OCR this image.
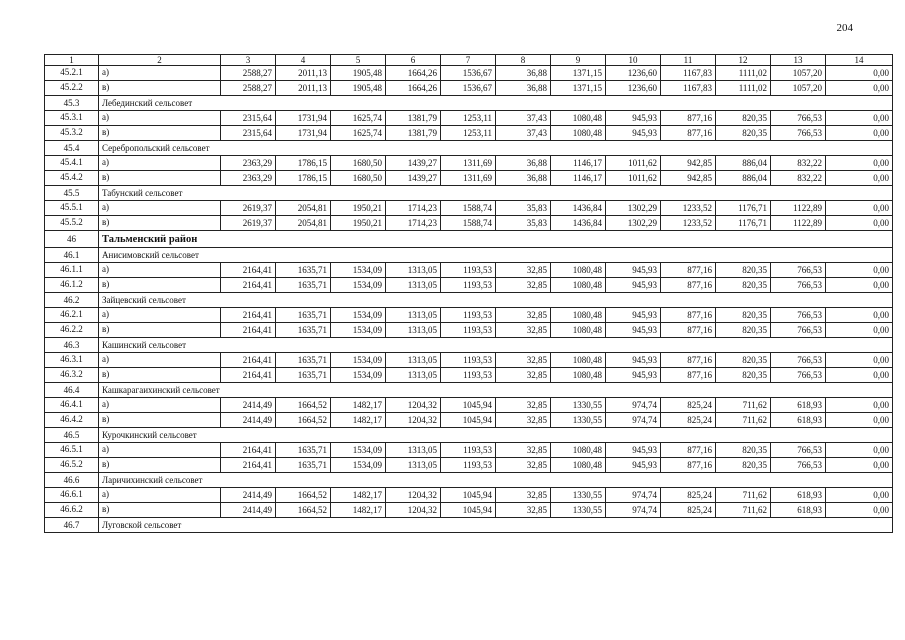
204
1	2	3	4	5	6	7	8	9	10	11	12	13	14
45.2.1	а)	2588,27	2011,13	1905,48	1664,26	1536,67	36,88	1371,15	1236,60	1167,83	1111,02	1057,20	0,00
45.2.2	в)	2588,27	2011,13	1905,48	1664,26	1536,67	36,88	1371,15	1236,60	1167,83	1111,02	1057,20	0,00
45.3	Лебединский сельсовет												
45.3.1	а)	2315,64	1731,94	1625,74	1381,79	1253,11	37,43	1080,48	945,93	877,16	820,35	766,53	0,00
45.3.2	в)	2315,64	1731,94	1625,74	1381,79	1253,11	37,43	1080,48	945,93	877,16	820,35	766,53	0,00
45.4	Серебропольский сельсовет												
45.4.1	а)	2363,29	1786,15	1680,50	1439,27	1311,69	36,88	1146,17	1011,62	942,85	886,04	832,22	0,00
45.4.2	в)	2363,29	1786,15	1680,50	1439,27	1311,69	36,88	1146,17	1011,62	942,85	886,04	832,22	0,00
45.5	Табунский сельсовет												
45.5.1	а)	2619,37	2054,81	1950,21	1714,23	1588,74	35,83	1436,84	1302,29	1233,52	1176,71	1122,89	0,00
45.5.2	в)	2619,37	2054,81	1950,21	1714,23	1588,74	35,83	1436,84	1302,29	1233,52	1176,71	1122,89	0,00
46	Тальменский район												
46.1	Анисимовский сельсовет												
46.1.1	а)	2164,41	1635,71	1534,09	1313,05	1193,53	32,85	1080,48	945,93	877,16	820,35	766,53	0,00
46.1.2	в)	2164,41	1635,71	1534,09	1313,05	1193,53	32,85	1080,48	945,93	877,16	820,35	766,53	0,00
46.2	Зайцевский сельсовет												
46.2.1	а)	2164,41	1635,71	1534,09	1313,05	1193,53	32,85	1080,48	945,93	877,16	820,35	766,53	0,00
46.2.2	в)	2164,41	1635,71	1534,09	1313,05	1193,53	32,85	1080,48	945,93	877,16	820,35	766,53	0,00
46.3	Кашинский сельсовет												
46.3.1	а)	2164,41	1635,71	1534,09	1313,05	1193,53	32,85	1080,48	945,93	877,16	820,35	766,53	0,00
46.3.2	в)	2164,41	1635,71	1534,09	1313,05	1193,53	32,85	1080,48	945,93	877,16	820,35	766,53	0,00
46.4	Кашкарагаихинский сельсовет												
46.4.1	а)	2414,49	1664,52	1482,17	1204,32	1045,94	32,85	1330,55	974,74	825,24	711,62	618,93	0,00
46.4.2	в)	2414,49	1664,52	1482,17	1204,32	1045,94	32,85	1330,55	974,74	825,24	711,62	618,93	0,00
46.5	Курочкинский сельсовет												
46.5.1	а)	2164,41	1635,71	1534,09	1313,05	1193,53	32,85	1080,48	945,93	877,16	820,35	766,53	0,00
46.5.2	в)	2164,41	1635,71	1534,09	1313,05	1193,53	32,85	1080,48	945,93	877,16	820,35	766,53	0,00
46.6	Ларичихинский сельсовет												
46.6.1	а)	2414,49	1664,52	1482,17	1204,32	1045,94	32,85	1330,55	974,74	825,24	711,62	618,93	0,00
46.6.2	в)	2414,49	1664,52	1482,17	1204,32	1045,94	32,85	1330,55	974,74	825,24	711,62	618,93	0,00
46.7	Луговской сельсовет												
